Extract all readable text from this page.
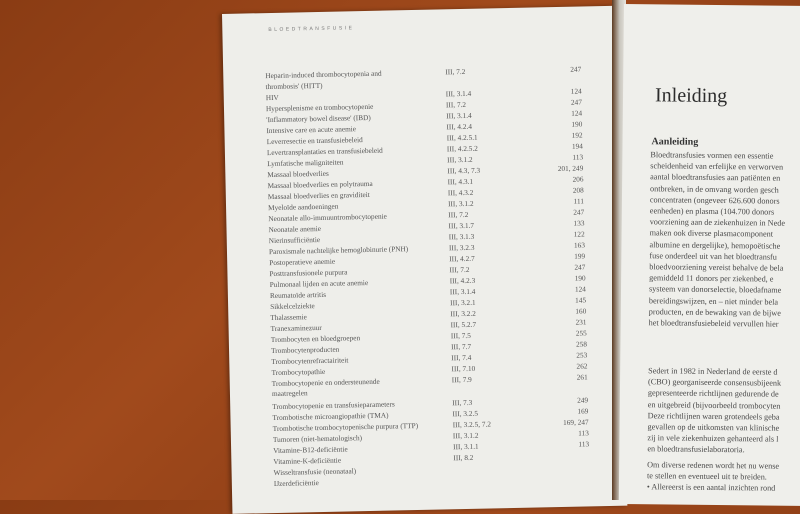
BLOEDTRANSFUSIE
Heparin-induced thrombocytopenia and	III, 7.2	247
thrombosis' (HITT)
HIV	III, 3.1.4	124
Hypersplenisme en trombocytopenie	III, 7.2	247
'Inflammatory bowel disease' (IBD)	III, 3.1.4	124
Intensive care en acute anemie	III, 4.2.4	190
Leverresectie en transfusiebeleid	III, 4.2.5.1	192
Levertransplantaties en transfusiebeleid	III, 4.2.5.2	194
Lymfatische maligniteiten	III, 3.1.2	113
Massaal bloedverlies	III, 4.3, 7.3	201, 249
Massaal bloedverlies en polytrauma	III, 4.3.1	206
Massaal bloedverlies en graviditeit	III, 4.3.2	208
Myeloïde aandoeningen	III, 3.1.2	111
Neonatale allo-immuuntrombocytopenie	III, 7.2	247
Neonatale anemie	III, 3.1.7	133
Nierinsufficiëntie	III, 3.1.3	122
Paroxismale nachtelijke hemoglobinurie (PNH)	III, 3.2.3	163
Postoperatieve anemie	III, 4.2.7	199
Posttransfusionele purpura	III, 7.2	247
Pulmonaal lijden en acute anemie	III, 4.2.3	190
Reumatoïde artritis	III, 3.1.4	124
Sikkelcelziekte	III, 3.2.1	145
Thalassemie	III, 3.2.2	160
Tranexaminezuur	III, 5.2.7	231
Trombocyten en bloedgroepen	III, 7.5	255
Trombocytenproducten	III, 7.7	258
Trombocytenrefractairiteit	III, 7.4	253
Trombocytopathie	III, 7.10	262
Trombocytopenie en ondersteunende	III, 7.9	261
maatregelen
Trombocytopenie en transfusieparameters	III, 7.3	249
Trombotische microangiopathie (TMA)	III, 3.2.5	169
Trombotische trombocytopenische purpura (TTP)	III, 3.2.5, 7.2	169, 247
Tumoren (niet-hematologisch)	III, 3.1.2	113
Vitamine-B12-deficiëntie	III, 3.1.1	113
Vitamine-K-deficiëntie	III, 8.2
Wisseltransfusie (neonataal)
IJzerdeficiëntie
Inleiding
Aanleiding
Bloedtransfusies vormen een essentie
scheidenheid van erfelijke en verworven
aantal bloedtransfusies aan patiënten en
ontbreken, in de omvang worden gesch
concentraten (ongeveer 626.600 donors
eenheden) en plasma (104.700 donors
voorziening aan de ziekenhuizen in Nede
maken ook diverse plasmacomponent
albumine en dergelijke), hemopoëtische
fuse onderdeel uit van het bloedtransfu
bloedvoorziening vereist behalve de bela
gemiddeld 11 donors per ziekenbed, e
systeem van donorselectie, bloedafname
bereidingswijzen, en – niet minder bela
producten, en de bewaking van de bijwe
het bloedtransfusiebeleid vervullen hier
Sedert in 1982 in Nederland de eerste d
(CBO) georganiseerde consensusbijeenk
gepresenteerde richtlijnen gedurende de
en uitgebreid (bijvoorbeeld trombocyten
Deze richtlijnen waren grotendeels geba
gevallen op de uitkomsten van klinische
zij in vele ziekenhuizen gehanteerd als l
en bloedtransfusielaboratoria.
Om diverse redenen wordt het nu wense
te stellen en eventueel uit te breiden.
• Allereerst is een aantal inzichten rond
